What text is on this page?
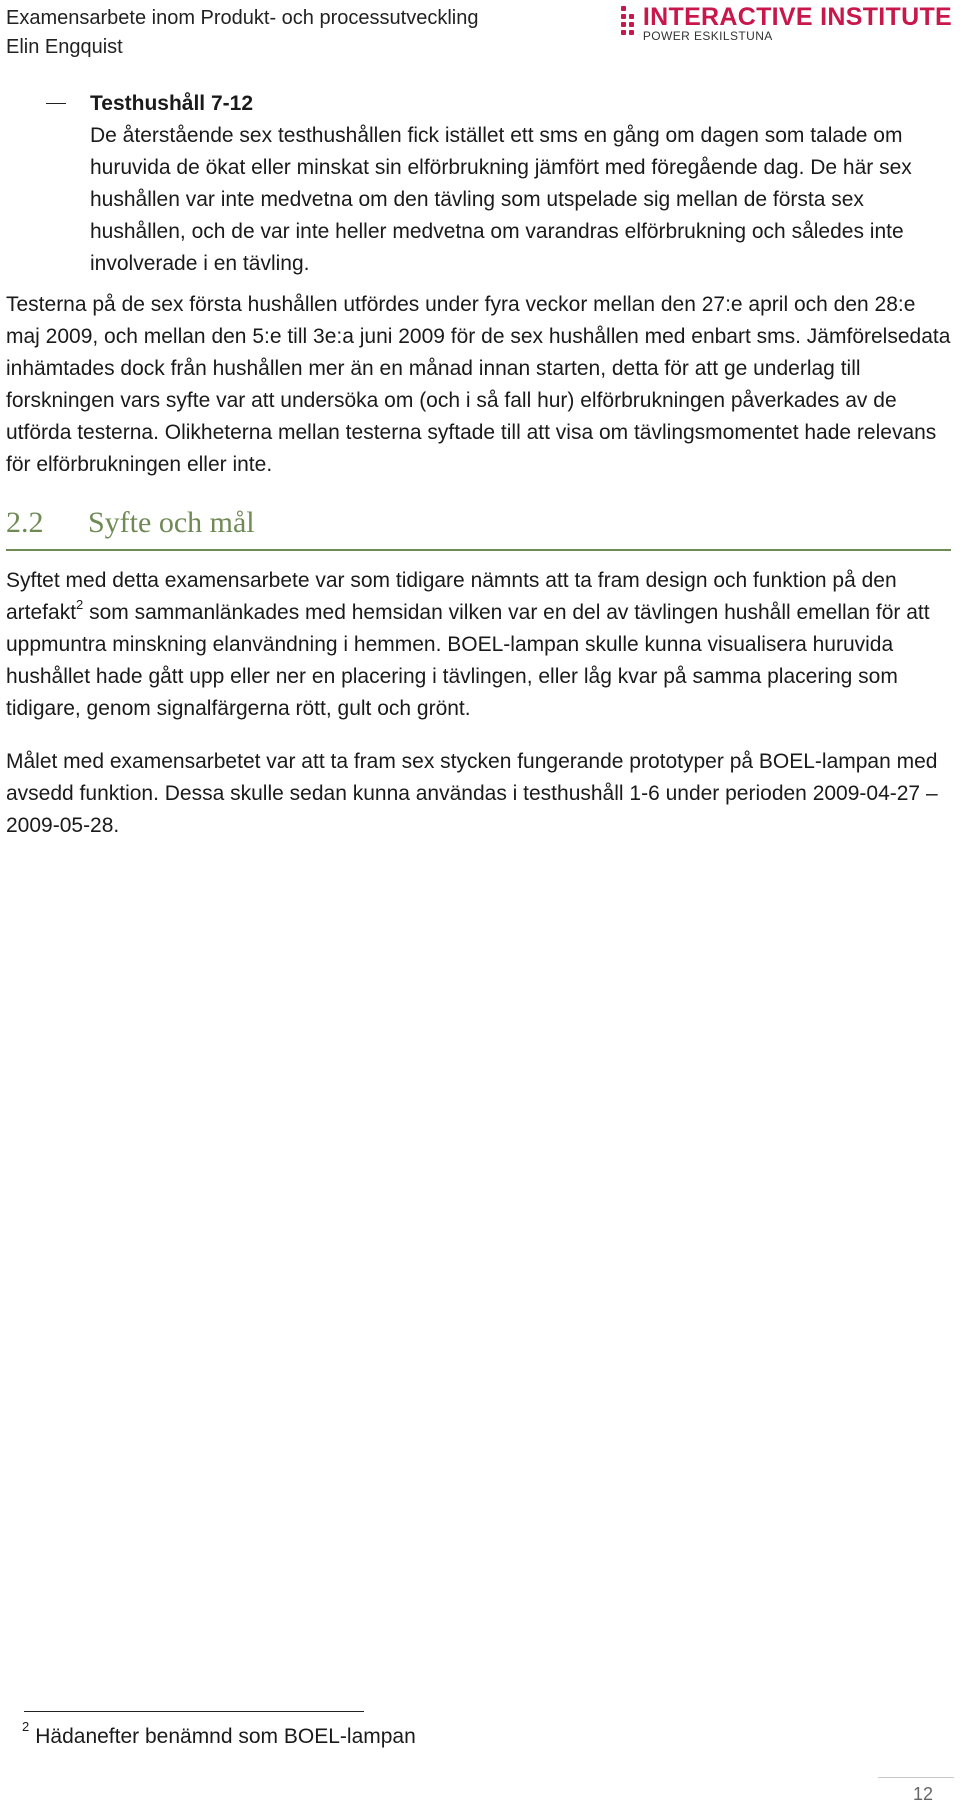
Examensarbete inom Produkt- och processutveckling
Elin Engquist
INTERACTIVE INSTITUTE
POWER ESKILSTUNA
Testhushåll 7-12
De återstående sex testhushållen fick istället ett sms en gång om dagen som talade om huruvida de ökat eller minskat sin elförbrukning jämfört med föregående dag. De här sex hushållen var inte medvetna om den tävling som utspelade sig mellan de första sex hushållen, och de var inte heller medvetna om varandras elförbrukning och således inte involverade i en tävling.

Testerna på de sex första hushållen utfördes under fyra veckor mellan den 27:e april och den 28:e maj 2009, och mellan den 5:e till 3e:a juni 2009 för de sex hushållen med enbart sms. Jämförelsedata inhämtades dock från hushållen mer än en månad innan starten, detta för att ge underlag till forskningen vars syfte var att undersöka om (och i så fall hur) elförbrukningen påverkades av de utförda testerna. Olikheterna mellan testerna syftade till att visa om tävlingsmomentet hade relevans för elförbrukningen eller inte.

2.2 Syfte och mål

Syftet med detta examensarbete var som tidigare nämnts att ta fram design och funktion på den artefakt$^2$ som sammanlänkades med hemsidan vilken var en del av tävlingen hushåll emellan för att uppmuntra minskning elanvändning i hemmen. BOEL-lampan skulle kunna visualisera huruvida hushållet hade gått upp eller ner en placering i tävlingen, eller låg kvar på samma placering som tidigare, genom signalfärgerna rött, gult och grönt.

Målet med examensarbetet var att ta fram sex stycken fungerande prototyper på BOEL-lampan med avsedd funktion. Dessa skulle sedan kunna användas i testhushåll 1-6 under perioden 2009-04-27 – 2009-05-28.

$^2$ Hädanefter benämnd som BOEL-lampan
12
